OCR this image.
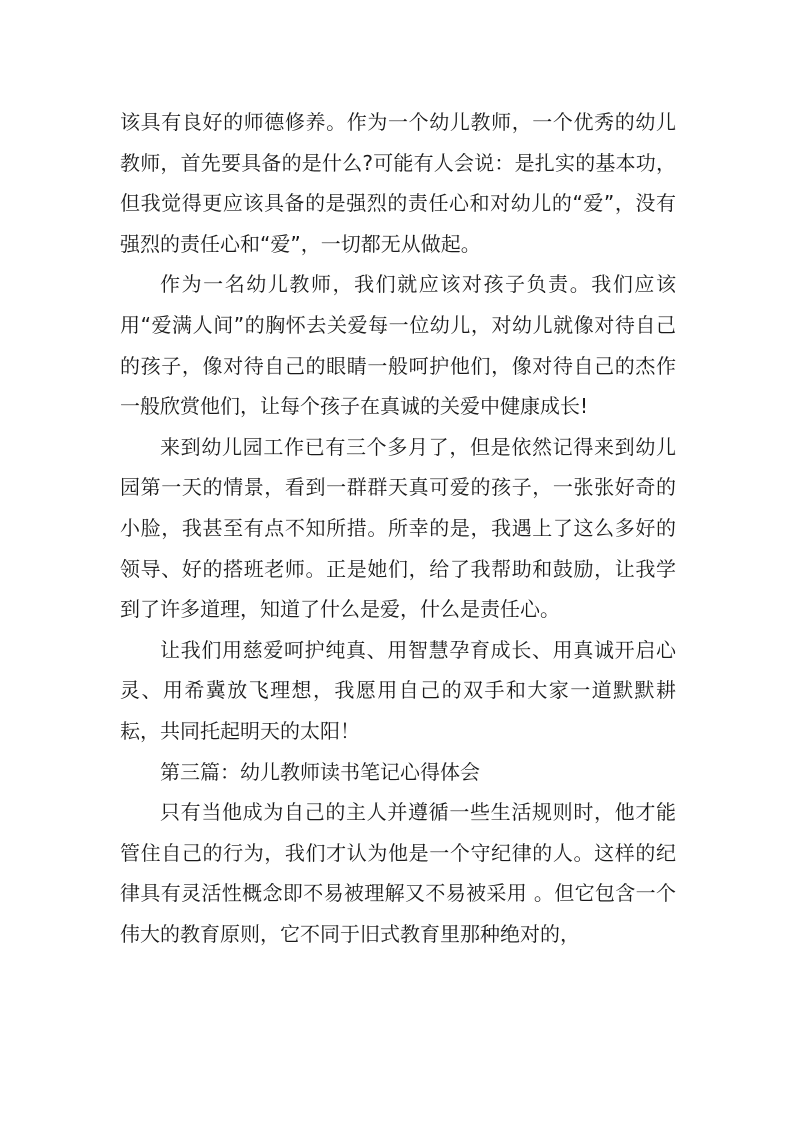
该具有良好的师德修养。作为一个幼儿教师，一个优秀的幼儿教师，首先要具备的是什么?可能有人会说：是扎实的基本功，但我觉得更应该具备的是强烈的责任心和对幼儿的“爱”，没有强烈的责任心和“爱”，一切都无从做起。

作为一名幼儿教师，我们就应该对孩子负责。我们应该用“爱满人间”的胸怀去关爱每一位幼儿，对幼儿就像对待自己的孩子，像对待自己的眼睛一般呵护他们，像对待自己的杰作一般欣赏他们，让每个孩子在真诚的关爱中健康成长!

来到幼儿园工作已有三个多月了，但是依然记得来到幼儿园第一天的情景，看到一群群天真可爱的孩子，一张张好奇的小脸，我甚至有点不知所措。所幸的是，我遇上了这么多好的领导、好的搭班老师。正是她们，给了我帮助和鼓励，让我学到了许多道理，知道了什么是爱，什么是责任心。

让我们用慈爱呵护纯真、用智慧孕育成长、用真诚开启心灵、用希冀放飞理想，我愿用自己的双手和大家一道默默耕耘，共同托起明天的太阳！

第三篇：幼儿教师读书笔记心得体会

只有当他成为自己的主人并遵循一些生活规则时，他才能管住自己的行为，我们才认为他是一个守纪律的人。这样的纪律具有灵活性概念即不易被理解又不易被采用 。但它包含一个伟大的教育原则，它不同于旧式教育里那种绝对的，
